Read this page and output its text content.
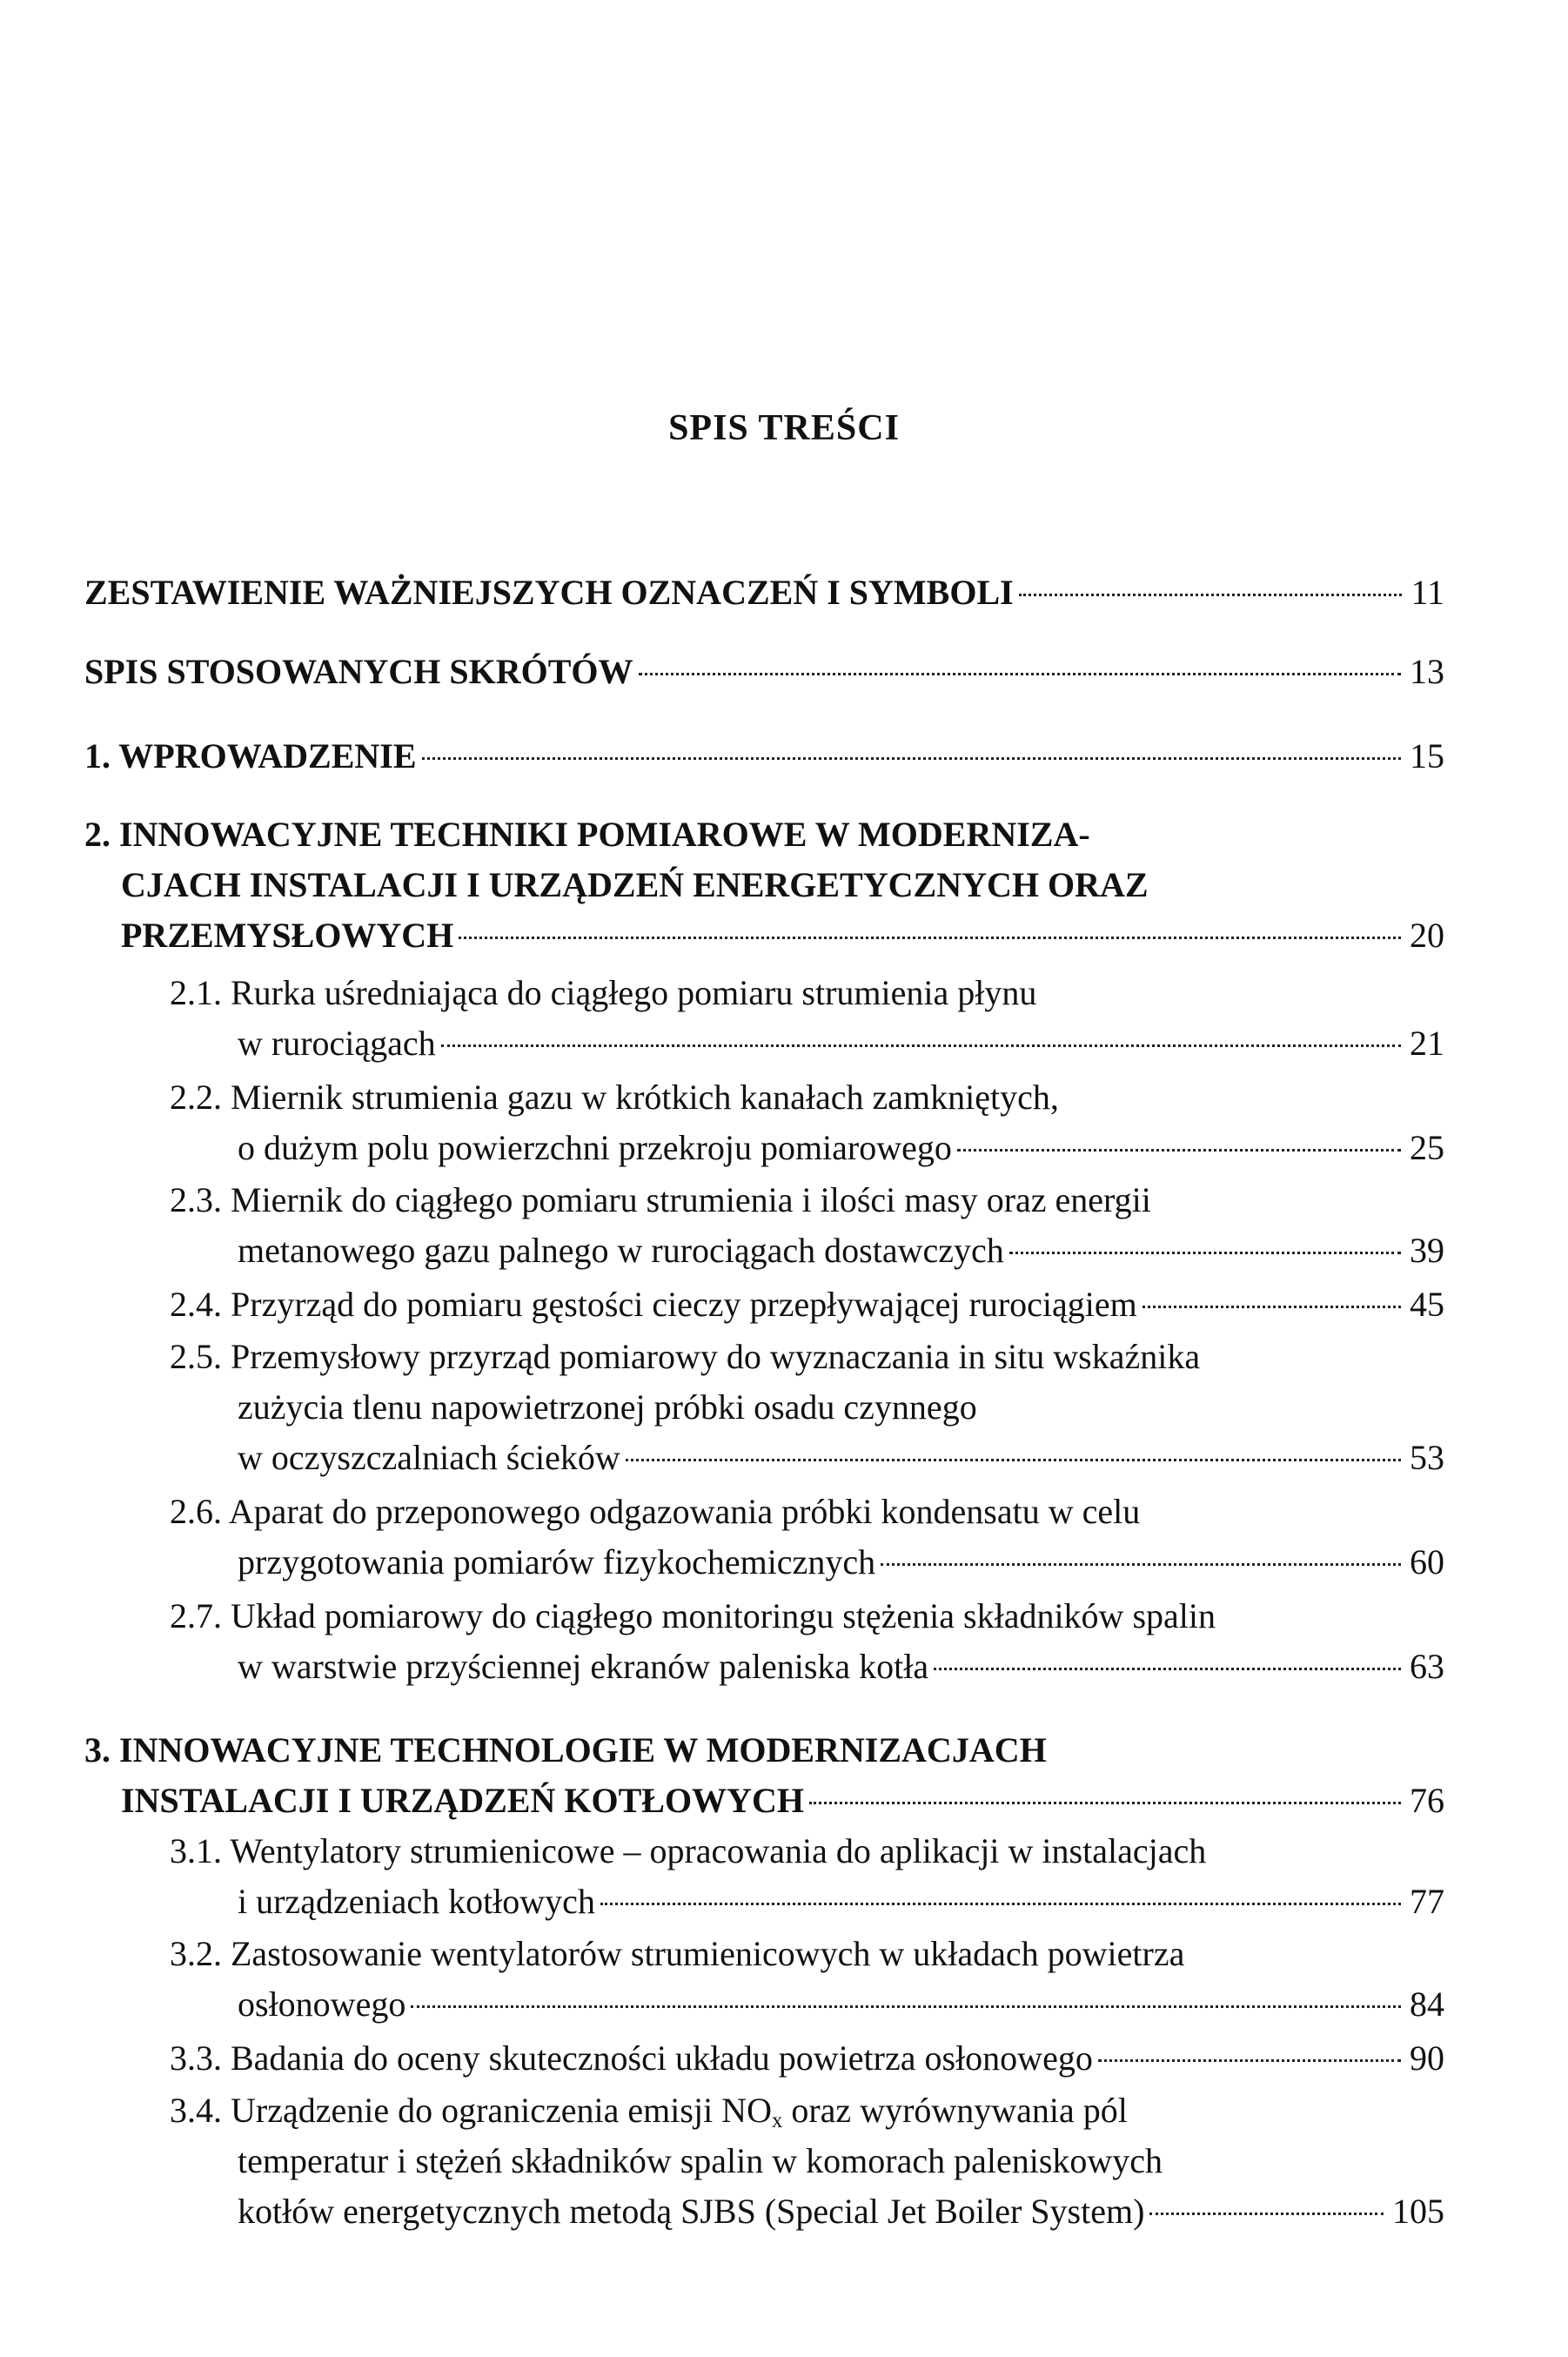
SPIS TREŚCI
ZESTAWIENIE WAŻNIEJSZYCH OZNACZEŃ I SYMBOLI	11
SPIS STOSOWANYCH SKRÓTÓW	13
1. WPROWADZENIE	15
2. INNOWACYJNE TECHNIKI POMIAROWE W MODERNIZA-
CJACH INSTALACJI I URZĄDZEŃ ENERGETYCZNYCH ORAZ
PRZEMYSŁOWYCH	20
2.1. Rurka uśredniająca do ciągłego pomiaru strumienia płynu
w rurociągach	21
2.2. Miernik strumienia gazu w krótkich kanałach zamkniętych,
o dużym polu powierzchni przekroju pomiarowego	25
2.3. Miernik do ciągłego pomiaru strumienia i ilości masy oraz energii
metanowego gazu palnego w rurociągach dostawczych	39
2.4. Przyrząd do pomiaru gęstości cieczy przepływającej rurociągiem	45
2.5. Przemysłowy przyrząd pomiarowy do wyznaczania in situ wskaźnika
zużycia tlenu napowietrzonej próbki osadu czynnego
w oczyszczalniach ścieków	53
2.6. Aparat do przeponowego odgazowania próbki kondensatu w celu
przygotowania pomiarów fizykochemicznych	60
2.7. Układ pomiarowy do ciągłego monitoringu stężenia składników spalin
w warstwie przyściennej ekranów paleniska kotła	63
3. INNOWACYJNE TECHNOLOGIE W MODERNIZACJACH
INSTALACJI I URZĄDZEŃ KOTŁOWYCH	76
3.1. Wentylatory strumienicowe – opracowania do aplikacji w instalacjach
i urządzeniach kotłowych	77
3.2. Zastosowanie wentylatorów strumienicowych w układach powietrza
osłonowego	84
3.3. Badania do oceny skuteczności układu powietrza osłonowego	90
3.4. Urządzenie do ograniczenia emisji $NO_x$ oraz wyrównywania pól
temperatur i stężeń składników spalin w komorach paleniskowych
kotłów energetycznych metodą SJBS (Special Jet Boiler System)	105
